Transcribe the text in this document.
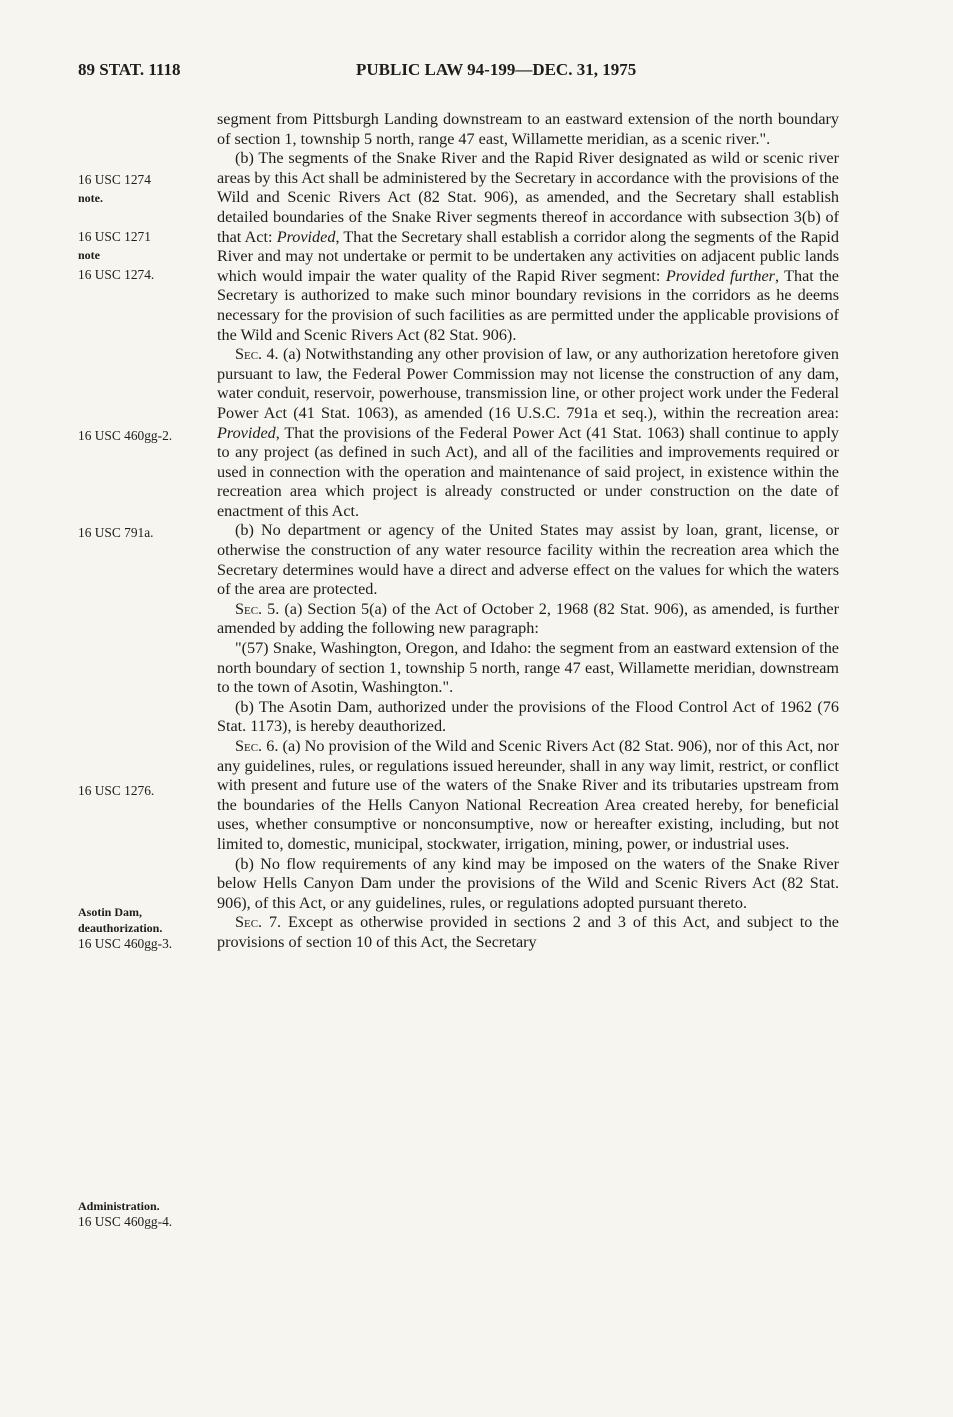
89 STAT. 1118	PUBLIC LAW 94-199—DEC. 31, 1975
16 USC 1274
note.
16 USC 1271
note
16 USC 1274.
16 USC 460gg-2.
16 USC 791a.
16 USC 1276.
Asotin Dam,
deauthorization.
16 USC 460gg-3.
Administration.
16 USC 460gg-4.

segment from Pittsburgh Landing downstream to an eastward extension of the north boundary of section 1, township 5 north, range 47 east, Willamette meridian, as a scenic river.".

(b) The segments of the Snake River and the Rapid River designated as wild or scenic river areas by this Act shall be administered by the Secretary in accordance with the provisions of the Wild and Scenic Rivers Act (82 Stat. 906), as amended, and the Secretary shall establish detailed boundaries of the Snake River segments thereof in accordance with subsection 3(b) of that Act: Provided, That the Secretary shall establish a corridor along the segments of the Rapid River and may not undertake or permit to be undertaken any activities on adjacent public lands which would impair the water quality of the Rapid River segment: Provided further, That the Secretary is authorized to make such minor boundary revisions in the corridors as he deems necessary for the provision of such facilities as are permitted under the applicable provisions of the Wild and Scenic Rivers Act (82 Stat. 906).

Sec. 4. (a) Notwithstanding any other provision of law, or any authorization heretofore given pursuant to law, the Federal Power Commission may not license the construction of any dam, water conduit, reservoir, powerhouse, transmission line, or other project work under the Federal Power Act (41 Stat. 1063), as amended (16 U.S.C. 791a et seq.), within the recreation area: Provided, That the provisions of the Federal Power Act (41 Stat. 1063) shall continue to apply to any project (as defined in such Act), and all of the facilities and improvements required or used in connection with the operation and maintenance of said project, in existence within the recreation area which project is already constructed or under construction on the date of enactment of this Act.

(b) No department or agency of the United States may assist by loan, grant, license, or otherwise the construction of any water resource facility within the recreation area which the Secretary determines would have a direct and adverse effect on the values for which the waters of the area are protected.

Sec. 5. (a) Section 5(a) of the Act of October 2, 1968 (82 Stat. 906), as amended, is further amended by adding the following new paragraph:

"(57) Snake, Washington, Oregon, and Idaho: the segment from an eastward extension of the north boundary of section 1, township 5 north, range 47 east, Willamette meridian, downstream to the town of Asotin, Washington.".

(b) The Asotin Dam, authorized under the provisions of the Flood Control Act of 1962 (76 Stat. 1173), is hereby deauthorized.

Sec. 6. (a) No provision of the Wild and Scenic Rivers Act (82 Stat. 906), nor of this Act, nor any guidelines, rules, or regulations issued hereunder, shall in any way limit, restrict, or conflict with present and future use of the waters of the Snake River and its tributaries upstream from the boundaries of the Hells Canyon National Recreation Area created hereby, for beneficial uses, whether consumptive or nonconsumptive, now or hereafter existing, including, but not limited to, domestic, municipal, stockwater, irrigation, mining, power, or industrial uses.

(b) No flow requirements of any kind may be imposed on the waters of the Snake River below Hells Canyon Dam under the provisions of the Wild and Scenic Rivers Act (82 Stat. 906), of this Act, or any guidelines, rules, or regulations adopted pursuant thereto.

Sec. 7. Except as otherwise provided in sections 2 and 3 of this Act, and subject to the provisions of section 10 of this Act, the Secretary
